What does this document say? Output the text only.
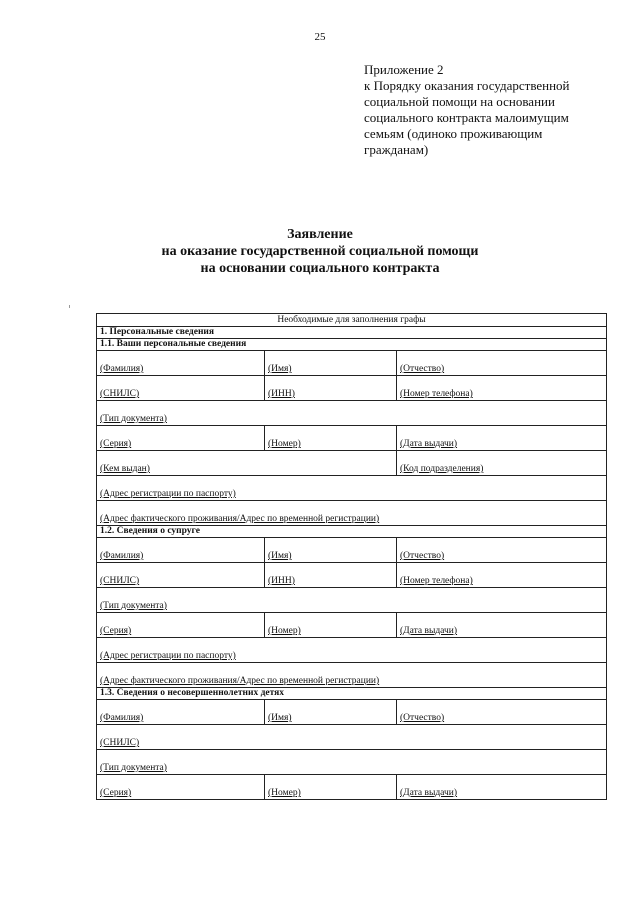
25
Приложение 2
к Порядку оказания государственной
социальной помощи на основании
социального контракта малоимущим
семьям (одиноко проживающим
гражданам)
Заявление
на оказание государственной социальной помощи
на основании социального контракта
Необходимые для заполнения графы		
1. Персональные сведения		
1.1. Ваши персональные сведения		
(Фамилия)	(Имя)	(Отчество)
(СНИЛС)	(ИНН)	(Номер телефона)
(Тип документа)		
(Серия)	(Номер)	(Дата выдачи)
(Кем выдан)		(Код подразделения)
(Адрес регистрации по паспорту)		
(Адрес фактического проживания/Адрес по временной регистрации)		
1.2. Сведения о супруге		
(Фамилия)	(Имя)	(Отчество)
(СНИЛС)	(ИНН)	(Номер телефона)
(Тип документа)		
(Серия)	(Номер)	(Дата выдачи)
(Адрес регистрации по паспорту)		
(Адрес фактического проживания/Адрес по временной регистрации)		
1.3. Сведения о несовершеннолетних детях		
(Фамилия)	(Имя)	(Отчество)
(СНИЛС)		
(Тип документа)		
(Серия)	(Номер)	(Дата выдачи)
